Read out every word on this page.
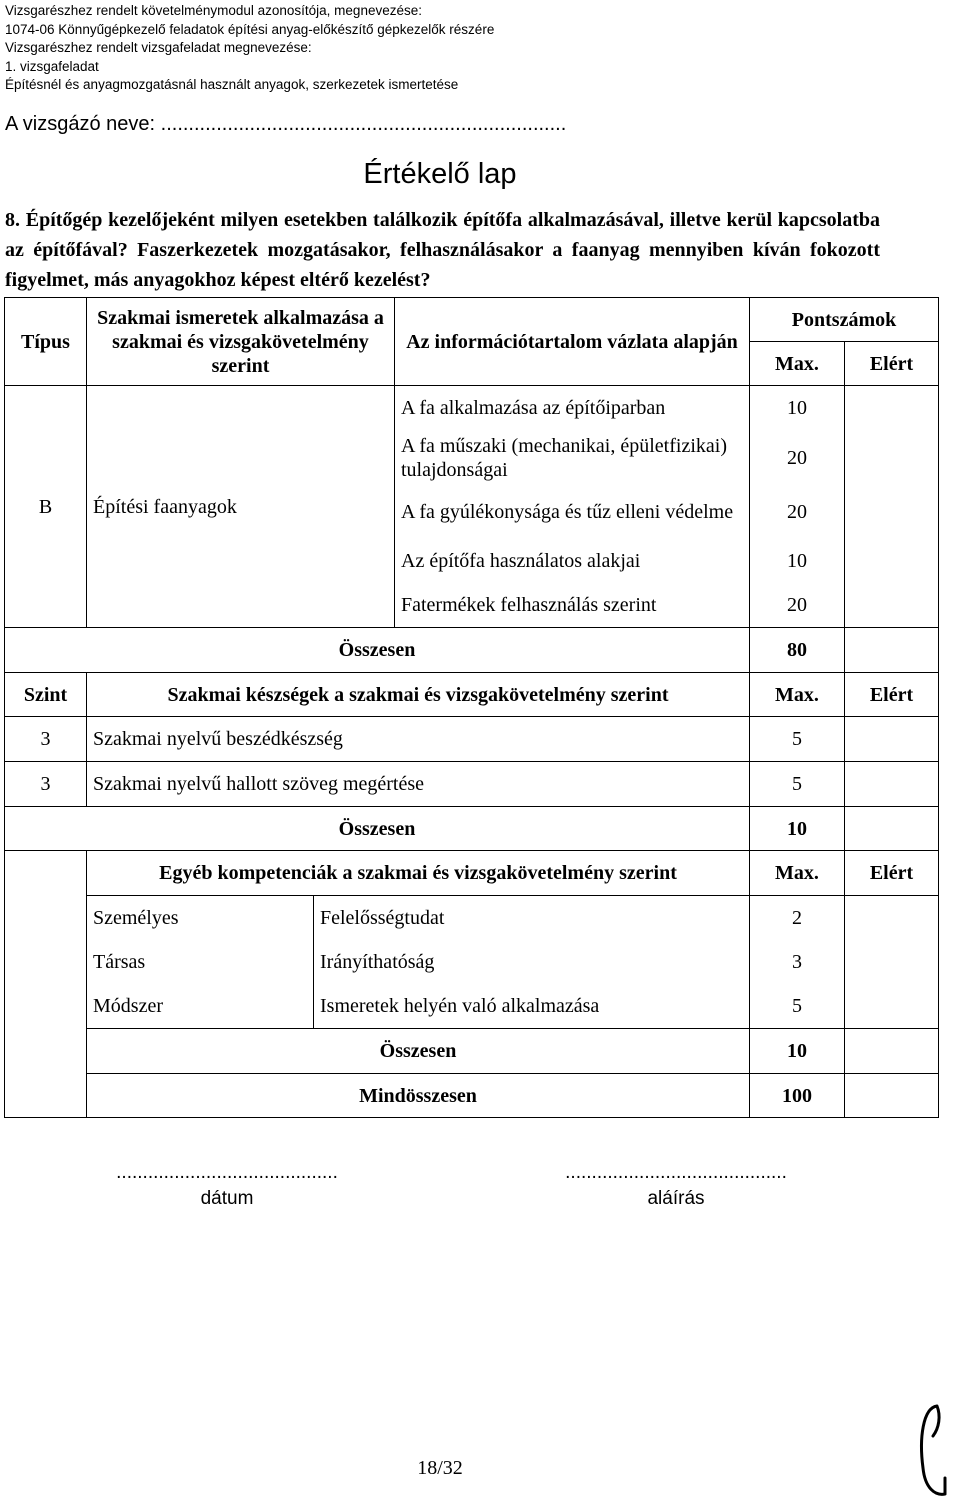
Vizsgarészhez rendelt követelménymodul azonosítója, megnevezése:
1074-06 Könnyűgépkezelő feladatok építési anyag-előkészítő gépkezelők részére
Vizsgarészhez rendelt vizsgafeladat megnevezése:
1. vizsgafeladat
Építésnél és anyagmozgatásnál használt anyagok, szerkezetek ismertetése
A vizsgázó neve: .........................................................................
Értékelő lap
8. Építőgép kezelőjeként milyen esetekben találkozik építőfa alkalmazásával, illetve kerül kapcsolatba az építőfával? Faszerkezetek mozgatásakor, felhasználásakor a faanyag mennyiben kíván fokozott figyelmet, más anyagokhoz képest eltérő kezelést?
Típus	Szakmai ismeretek alkalmazása a szakmai és vizsgakövetelmény szerint		Az információtartalom vázlata alapján	Pontszámok	
				Max.	Elért
B	Építési faanyagok		A fa alkalmazása az építőiparban	10	
			A fa műszaki (mechanikai, épületfizikai) tulajdonságai	20	
			A fa gyúlékonysága és tűz elleni védelme	20	
			Az építőfa használatos alakjai	10	
			Fatermékek felhasználás szerint	20	
Összesen				80	
Szint	Szakmai készségek a szakmai és vizsgakövetelmény szerint			Max.	Elért
3	Szakmai nyelvű beszédkészség			5	
3	Szakmai nyelvű hallott szöveg megértése			5	
Összesen				10	
	Egyéb kompetenciák a szakmai és vizsgakövetelmény szerint			Max.	Elért
	Személyes	Felelősségtudat		2	
	Társas	Irányíthatóság		3	
	Módszer	Ismeretek helyén való alkalmazása		5	
	Összesen			10	
	Mindösszesen			100	
..........................................
dátum
..........................................
aláírás
18/32
